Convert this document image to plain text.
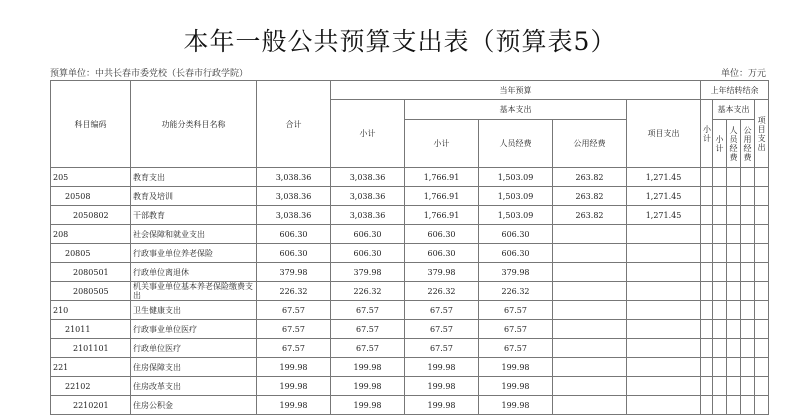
本年一般公共预算支出表（预算表5）
预算单位：中共长春市委党校（长春市行政学院）	单位：万元
科目编码	功能分类科目名称	合计	当年预算					上年结转结余				
			小计	基本支出			项目支出	小计	基本支出			项目支出
				小计	人员经费	公用经费			小计	人员经费	公用经费	
205	教育支出	3,038.36	3,038.36	1,766.91	1,503.09	263.82	1,271.45					
20508	教育及培训	3,038.36	3,038.36	1,766.91	1,503.09	263.82	1,271.45					
2050802	干部教育	3,038.36	3,038.36	1,766.91	1,503.09	263.82	1,271.45					
208	社会保障和就业支出	606.30	606.30	606.30	606.30							
20805	行政事业单位养老保险	606.30	606.30	606.30	606.30							
2080501	行政单位离退休	379.98	379.98	379.98	379.98							
2080505	机关事业单位基本养老保险缴费支出	226.32	226.32	226.32	226.32							
210	卫生健康支出	67.57	67.57	67.57	67.57							
21011	行政事业单位医疗	67.57	67.57	67.57	67.57							
2101101	行政单位医疗	67.57	67.57	67.57	67.57							
221	住房保障支出	199.98	199.98	199.98	199.98							
22102	住房改革支出	199.98	199.98	199.98	199.98							
2210201	住房公积金	199.98	199.98	199.98	199.98							
